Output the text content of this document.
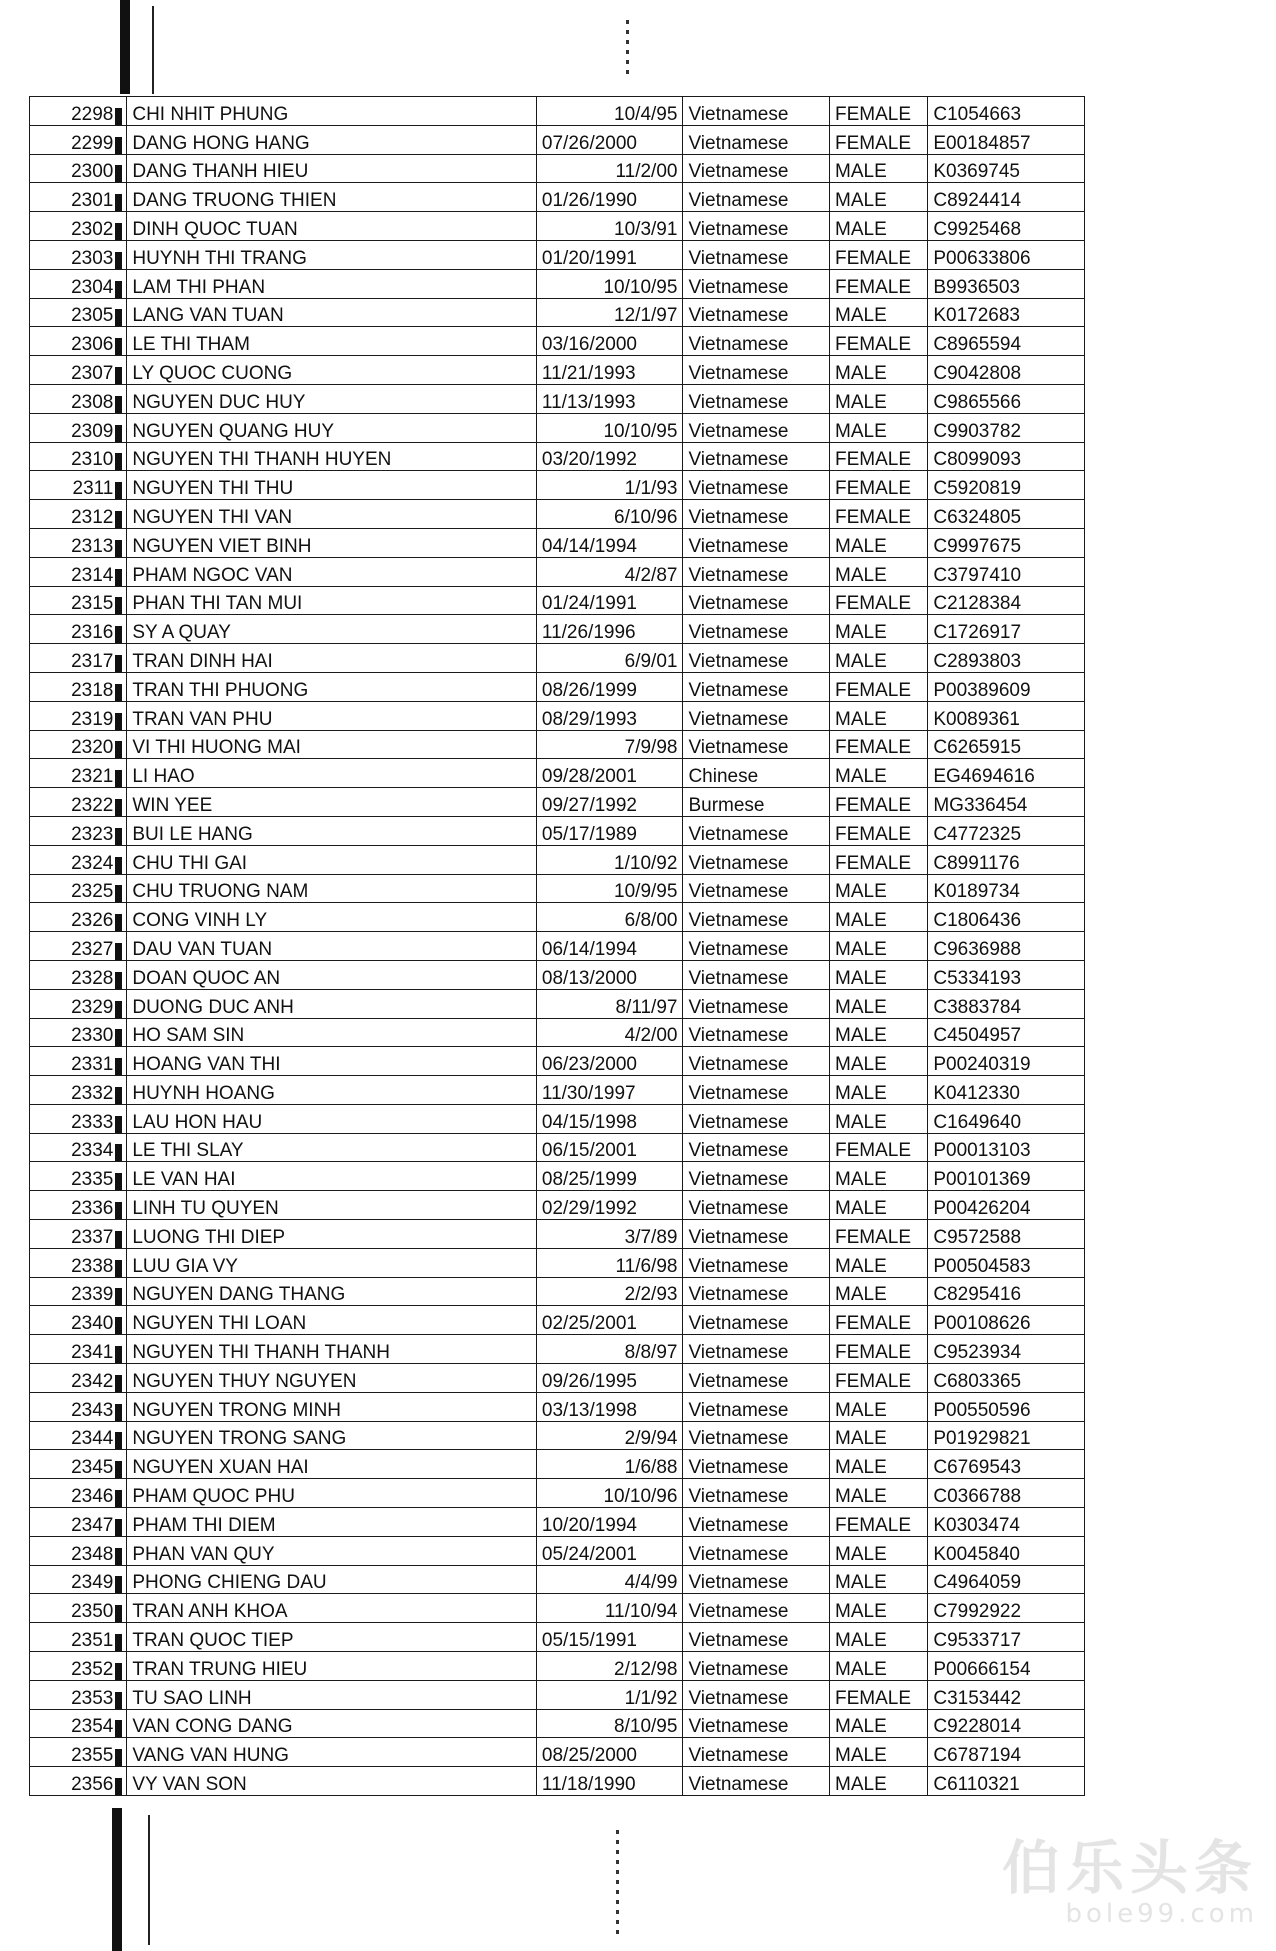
2298	CHI NHIT PHUNG	10/4/95	Vietnamese	FEMALE	C1054663
2299	DANG HONG HANG	07/26/2000	Vietnamese	FEMALE	E00184857
2300	DANG THANH HIEU	11/2/00	Vietnamese	MALE	K0369745
2301	DANG TRUONG THIEN	01/26/1990	Vietnamese	MALE	C8924414
2302	DINH QUOC TUAN	10/3/91	Vietnamese	MALE	C9925468
2303	HUYNH THI TRANG	01/20/1991	Vietnamese	FEMALE	P00633806
2304	LAM THI PHAN	10/10/95	Vietnamese	FEMALE	B9936503
2305	LANG VAN TUAN	12/1/97	Vietnamese	MALE	K0172683
2306	LE THI THAM	03/16/2000	Vietnamese	FEMALE	C8965594
2307	LY QUOC CUONG	11/21/1993	Vietnamese	MALE	C9042808
2308	NGUYEN DUC HUY	11/13/1993	Vietnamese	MALE	C9865566
2309	NGUYEN QUANG HUY	10/10/95	Vietnamese	MALE	C9903782
2310	NGUYEN THI THANH HUYEN	03/20/1992	Vietnamese	FEMALE	C8099093
2311	NGUYEN THI THU	1/1/93	Vietnamese	FEMALE	C5920819
2312	NGUYEN THI VAN	6/10/96	Vietnamese	FEMALE	C6324805
2313	NGUYEN VIET BINH	04/14/1994	Vietnamese	MALE	C9997675
2314	PHAM NGOC VAN	4/2/87	Vietnamese	MALE	C3797410
2315	PHAN THI TAN MUI	01/24/1991	Vietnamese	FEMALE	C2128384
2316	SY A QUAY	11/26/1996	Vietnamese	MALE	C1726917
2317	TRAN DINH HAI	6/9/01	Vietnamese	MALE	C2893803
2318	TRAN THI PHUONG	08/26/1999	Vietnamese	FEMALE	P00389609
2319	TRAN VAN PHU	08/29/1993	Vietnamese	MALE	K0089361
2320	VI THI HUONG MAI	7/9/98	Vietnamese	FEMALE	C6265915
2321	LI HAO	09/28/2001	Chinese	MALE	EG4694616
2322	WIN YEE	09/27/1992	Burmese	FEMALE	MG336454
2323	BUI LE HANG	05/17/1989	Vietnamese	FEMALE	C4772325
2324	CHU THI GAI	1/10/92	Vietnamese	FEMALE	C8991176
2325	CHU TRUONG NAM	10/9/95	Vietnamese	MALE	K0189734
2326	CONG VINH LY	6/8/00	Vietnamese	MALE	C1806436
2327	DAU VAN TUAN	06/14/1994	Vietnamese	MALE	C9636988
2328	DOAN QUOC AN	08/13/2000	Vietnamese	MALE	C5334193
2329	DUONG DUC ANH	8/11/97	Vietnamese	MALE	C3883784
2330	HO SAM SIN	4/2/00	Vietnamese	MALE	C4504957
2331	HOANG VAN THI	06/23/2000	Vietnamese	MALE	P00240319
2332	HUYNH HOANG	11/30/1997	Vietnamese	MALE	K0412330
2333	LAU HON HAU	04/15/1998	Vietnamese	MALE	C1649640
2334	LE THI SLAY	06/15/2001	Vietnamese	FEMALE	P00013103
2335	LE VAN HAI	08/25/1999	Vietnamese	MALE	P00101369
2336	LINH TU QUYEN	02/29/1992	Vietnamese	MALE	P00426204
2337	LUONG THI DIEP	3/7/89	Vietnamese	FEMALE	C9572588
2338	LUU GIA VY	11/6/98	Vietnamese	MALE	P00504583
2339	NGUYEN DANG THANG	2/2/93	Vietnamese	MALE	C8295416
2340	NGUYEN THI LOAN	02/25/2001	Vietnamese	FEMALE	P00108626
2341	NGUYEN THI THANH THANH	8/8/97	Vietnamese	FEMALE	C9523934
2342	NGUYEN THUY NGUYEN	09/26/1995	Vietnamese	FEMALE	C6803365
2343	NGUYEN TRONG MINH	03/13/1998	Vietnamese	MALE	P00550596
2344	NGUYEN TRONG SANG	2/9/94	Vietnamese	MALE	P01929821
2345	NGUYEN XUAN HAI	1/6/88	Vietnamese	MALE	C6769543
2346	PHAM QUOC PHU	10/10/96	Vietnamese	MALE	C0366788
2347	PHAM THI DIEM	10/20/1994	Vietnamese	FEMALE	K0303474
2348	PHAN VAN QUY	05/24/2001	Vietnamese	MALE	K0045840
2349	PHONG CHIENG DAU	4/4/99	Vietnamese	MALE	C4964059
2350	TRAN ANH KHOA	11/10/94	Vietnamese	MALE	C7992922
2351	TRAN QUOC TIEP	05/15/1991	Vietnamese	MALE	C9533717
2352	TRAN TRUNG HIEU	2/12/98	Vietnamese	MALE	P00666154
2353	TU SAO LINH	1/1/92	Vietnamese	FEMALE	C3153442
2354	VAN CONG DANG	8/10/95	Vietnamese	MALE	C9228014
2355	VANG VAN HUNG	08/25/2000	Vietnamese	MALE	C6787194
2356	VY VAN SON	11/18/1990	Vietnamese	MALE	C6110321
伯乐头条
bole99.com
